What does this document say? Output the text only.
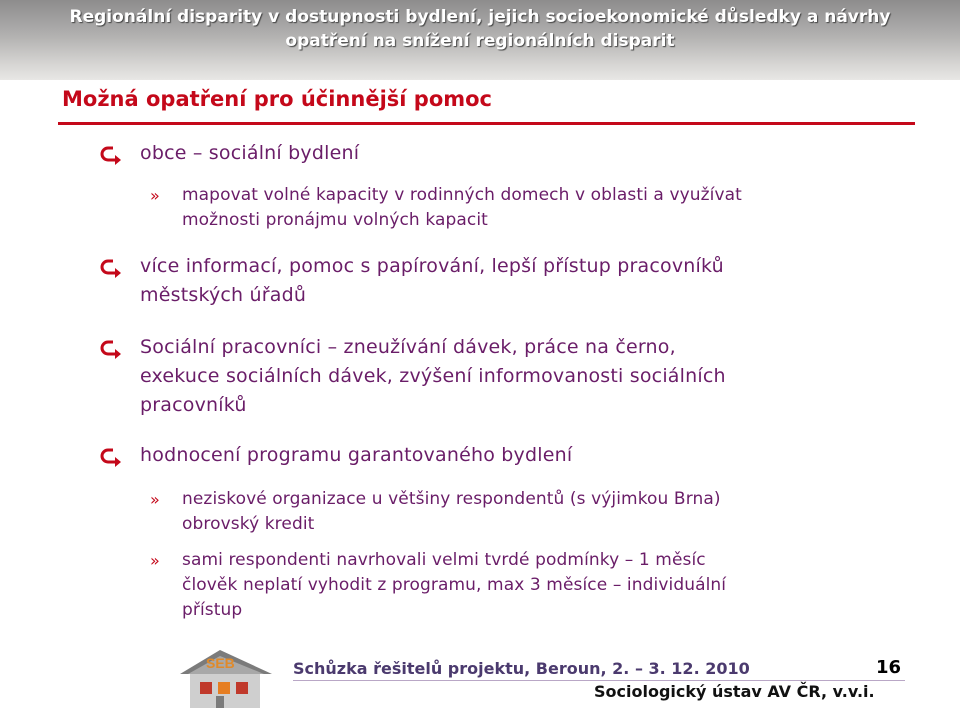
Regionální disparity v dostupnosti bydlení, jejich socioekonomické důsledky a návrhy
opatření na snížení regionálních disparit
Možná opatření pro účinnější pomoc
obce – sociální bydlení
» mapovat volné kapacity v rodinných domech v oblasti a využívat
možnosti pronájmu volných kapacit
více informací, pomoc s papírování, lepší přístup pracovníků
městských úřadů
Sociální pracovníci – zneužívání dávek, práce na černo,
exekuce sociálních dávek, zvýšení informovanosti sociálních
pracovníků
hodnocení programu garantovaného bydlení
» neziskové organizace u většiny respondentů (s výjimkou Brna)
obrovský kredit
» sami respondenti navrhovali velmi tvrdé podmínky – 1 měsíc
člověk neplatí vyhodit z programu, max 3 měsíce – individuální
přístup
SEB	Schůzka řešitelů projektu, Beroun, 2. – 3. 12. 2010	16
Sociologický ústav AV ČR, v.v.i.
